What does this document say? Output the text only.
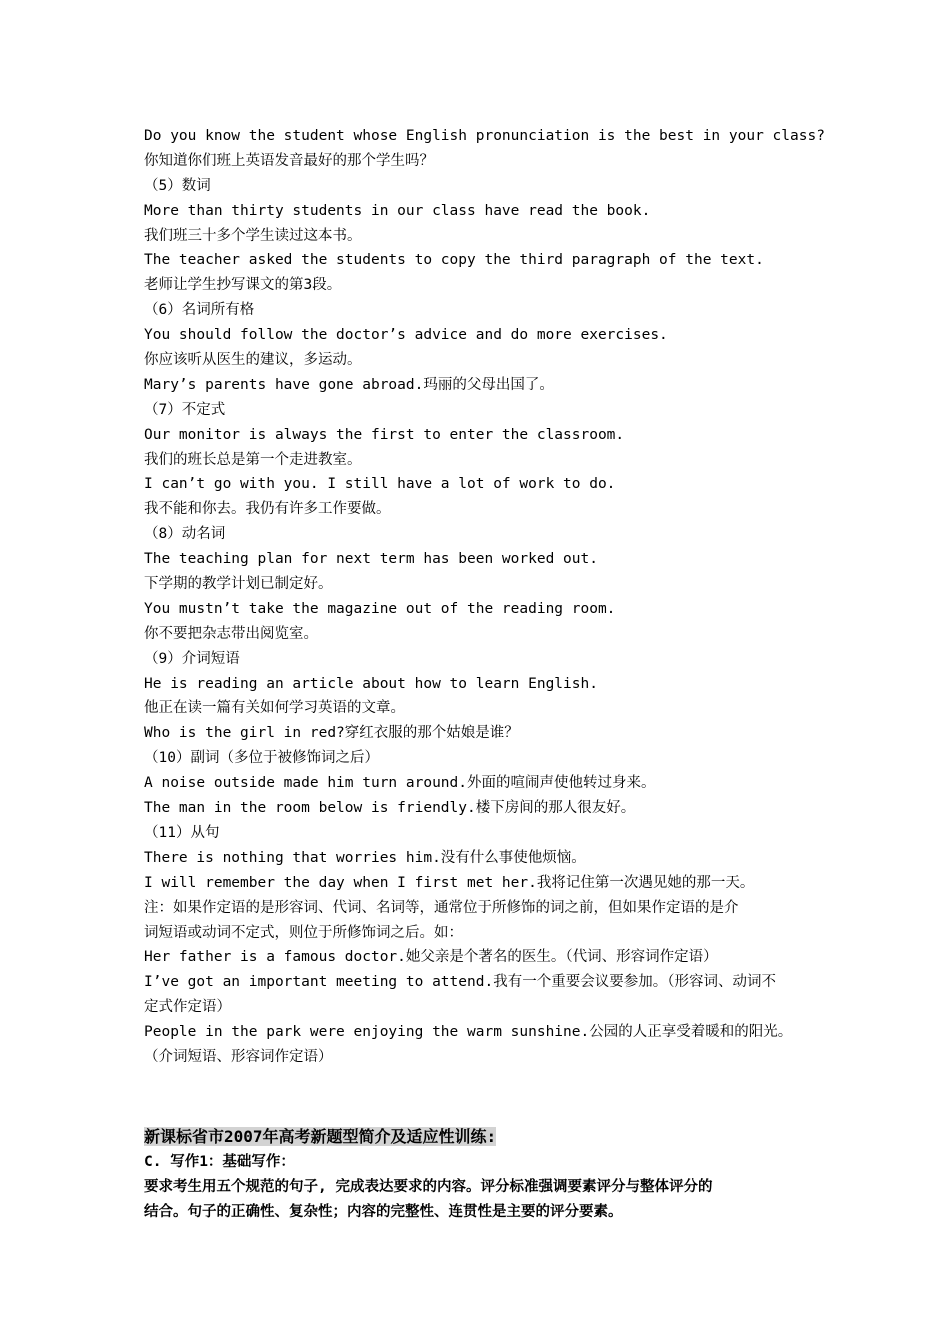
Do you know the student whose English pronunciation is the best in your class?
你知道你们班上英语发音最好的那个学生吗？
（5）数词
More than thirty students in our class have read the book.
我们班三十多个学生读过这本书。
The teacher asked the students to copy the third paragraph of the text.
老师让学生抄写课文的第3段。
（6）名词所有格
You should follow the doctor’s advice and do more exercises.
你应该听从医生的建议，多运动。
Mary’s parents have gone abroad.玛丽的父母出国了。
（7）不定式
Our monitor is always the first to enter the classroom.
我们的班长总是第一个走进教室。
I can’t go with you. I still have a lot of work to do.
我不能和你去。我仍有许多工作要做。
（8）动名词
The teaching plan for next term has been worked out.
下学期的教学计划已制定好。
You mustn’t take the magazine out of the reading room.
你不要把杂志带出阅览室。
（9）介词短语
He is reading an article about how to learn English.
他正在读一篇有关如何学习英语的文章。
Who is the girl in red?穿红衣服的那个姑娘是谁？
（10）副词（多位于被修饰词之后）
A noise outside made him turn around.外面的喧闹声使他转过身来。
The man in the room below is friendly.楼下房间的那人很友好。
（11）从句
There is nothing that worries him.没有什么事使他烦恼。
I will remember the day when I first met her.我将记住第一次遇见她的那一天。
注：如果作定语的是形容词、代词、名词等，通常位于所修饰的词之前，但如果作定语的是介
词短语或动词不定式，则位于所修饰词之后。如：
Her father is a famous doctor.她父亲是个著名的医生。（代词、形容词作定语）
I’ve got an important meeting to attend.我有一个重要会议要参加。（形容词、动词不
定式作定语）
People in the park were enjoying the warm sunshine.公园的人正享受着暖和的阳光。
（介词短语、形容词作定语）
新课标省市2007年高考新题型简介及适应性训练:
C. 写作1：基础写作：
要求考生用五个规范的句子, 完成表达要求的内容。评分标准强调要素评分与整体评分的
结合。句子的正确性、复杂性；内容的完整性、连贯性是主要的评分要素。
